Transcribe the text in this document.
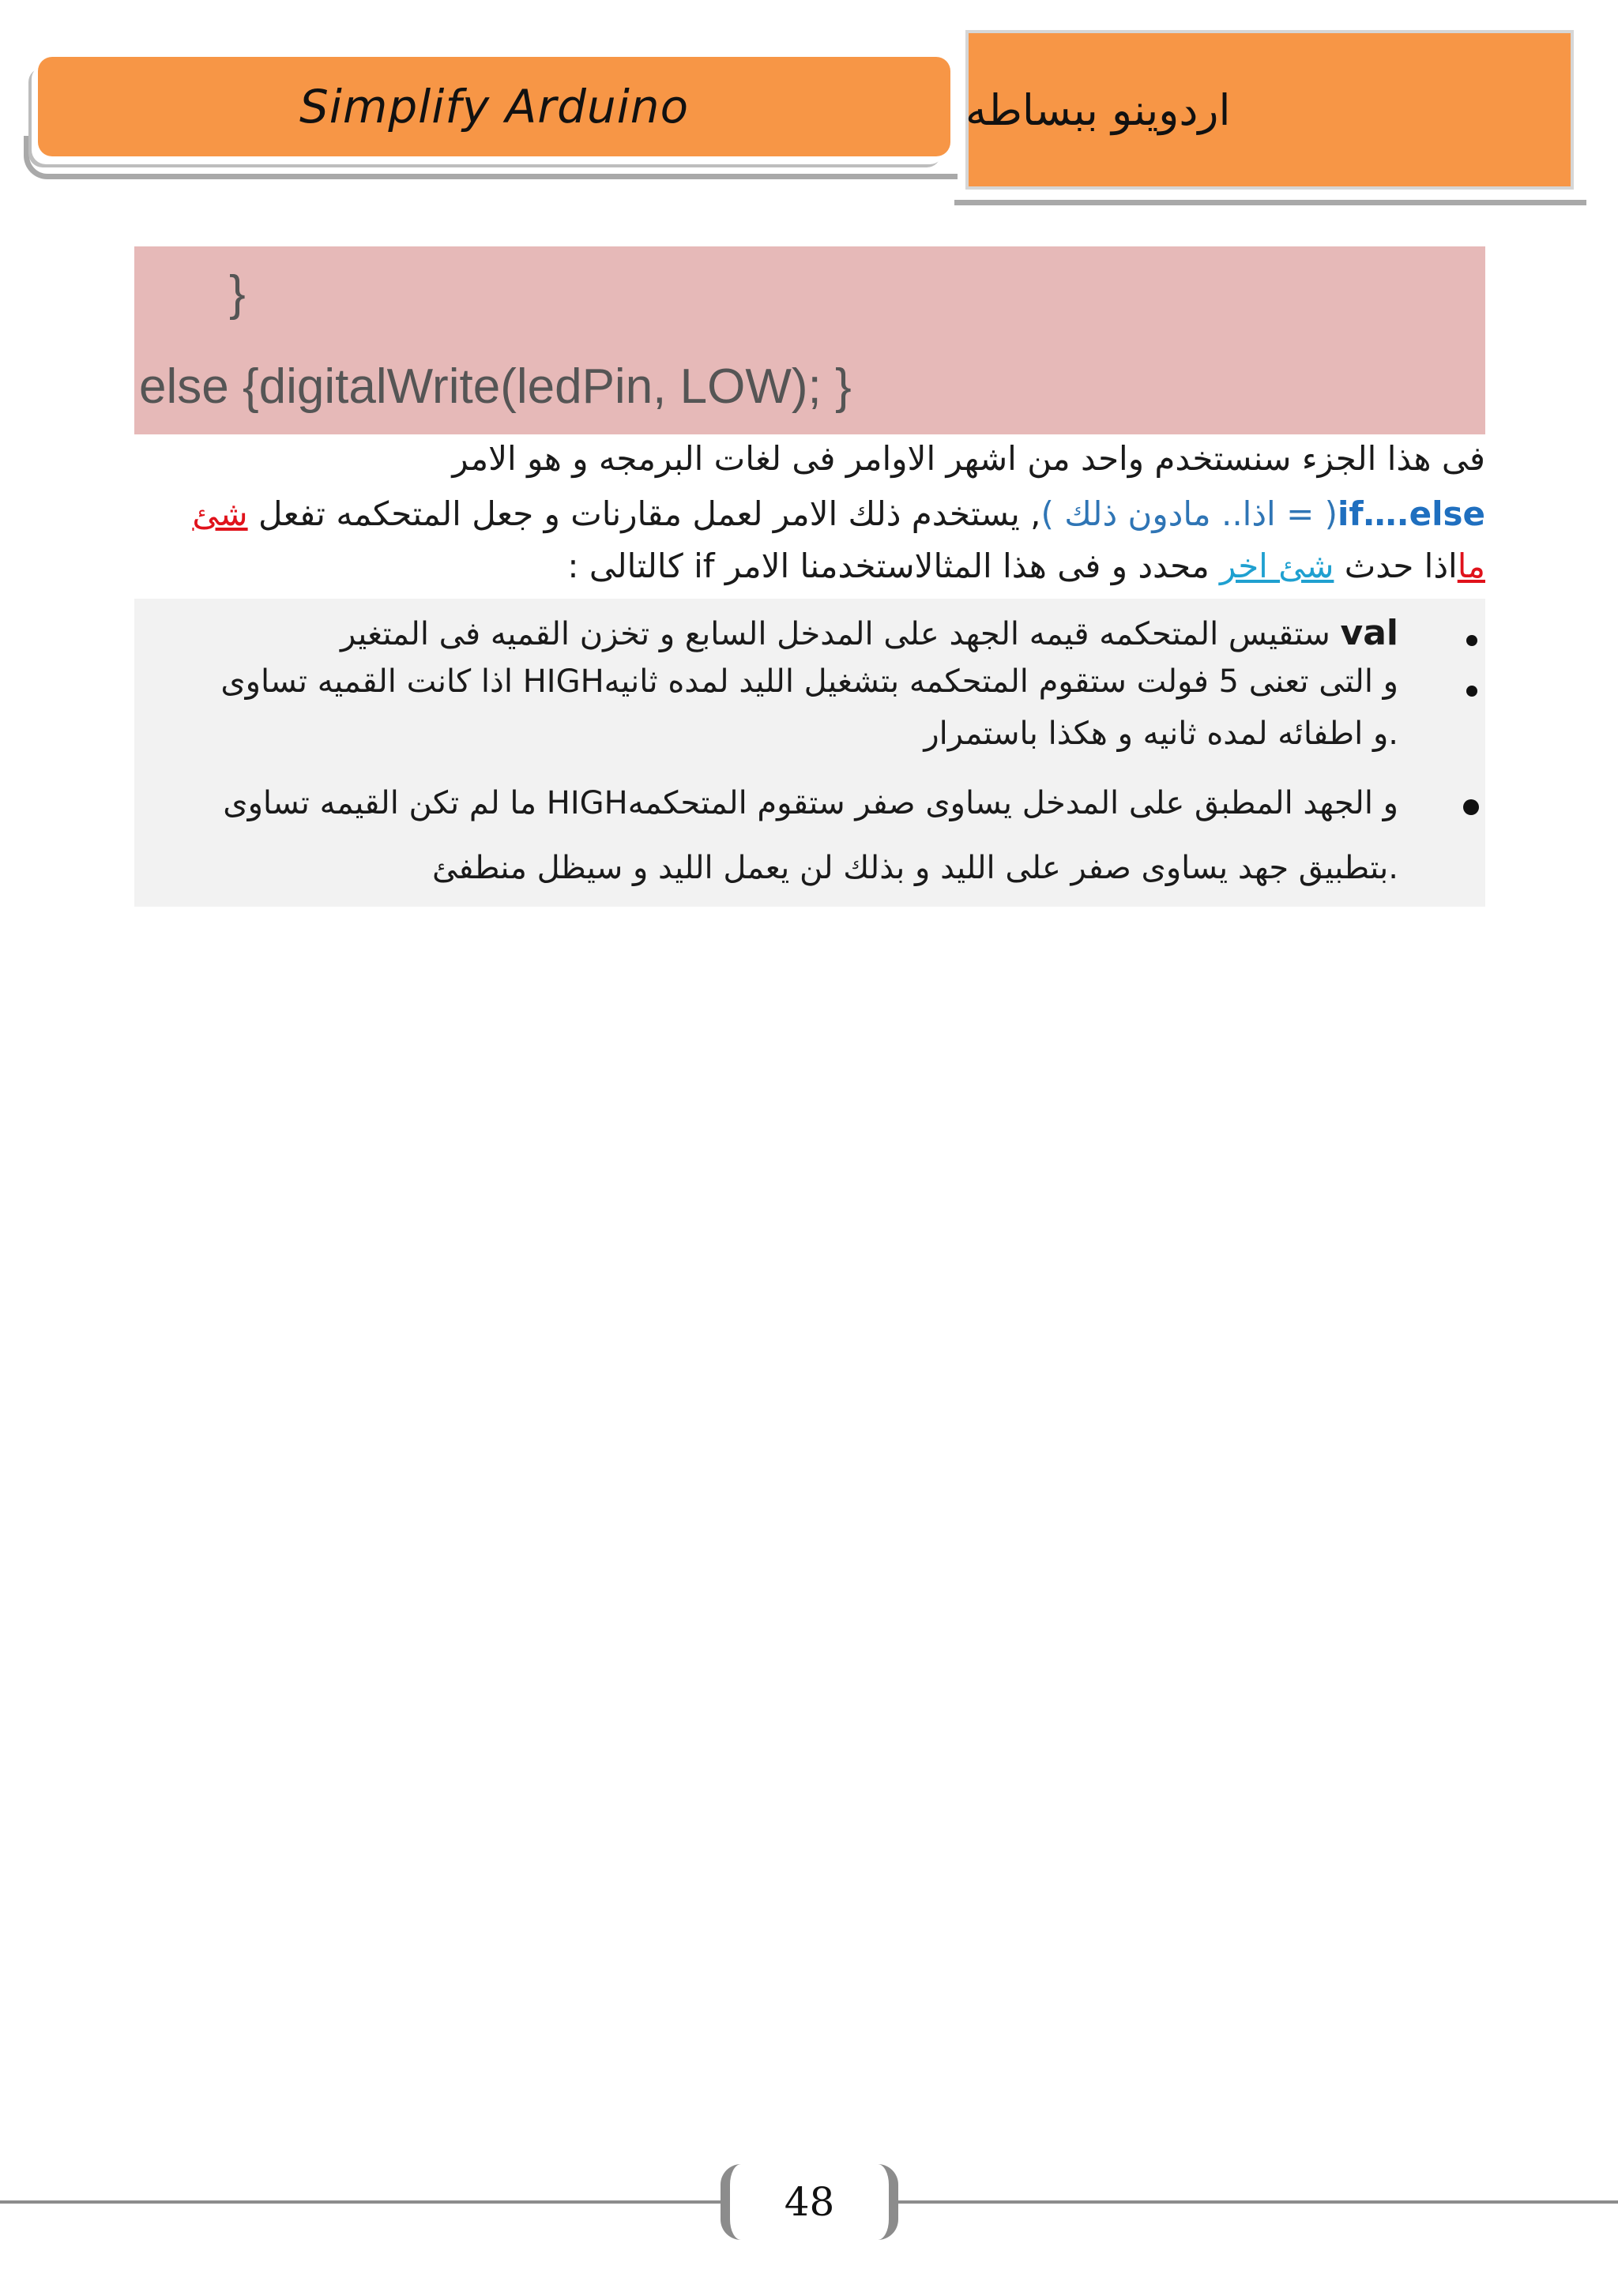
Simplify Arduino	اردوينو ببساطه
}
else {digitalWrite(ledPin, LOW); }
فى هذا الجزء سنستخدم واحد من اشهر الاوامر فى لغات البرمجه و هو الامر
if….else( = اذا.. مادون ذلك ), يستخدم ذلك الامر لعمل مقارنات و جعل المتحكمه تفعل شئ
مااذا حدث شئ اخر محدد و فى هذا المثالاستخدمنا الامر if كالتالى :
ستقيس المتحكمه قيمه الجهد على المدخل السابع و تخزن القميه فى المتغير val
اذا كانت القميه تساوى HIGHو التى تعنى 5 فولت ستقوم المتحكمه بتشغيل الليد لمده ثانيه
و اطفائه لمده ثانيه و هكذا باستمرار.
ما لم تكن القيمه تساوى HIGHو الجهد المطبق على المدخل يساوى صفر ستقوم المتحكمه
بتطبيق جهد يساوى صفر على الليد و بذلك لن يعمل الليد و سيظل منطفئ.
48
